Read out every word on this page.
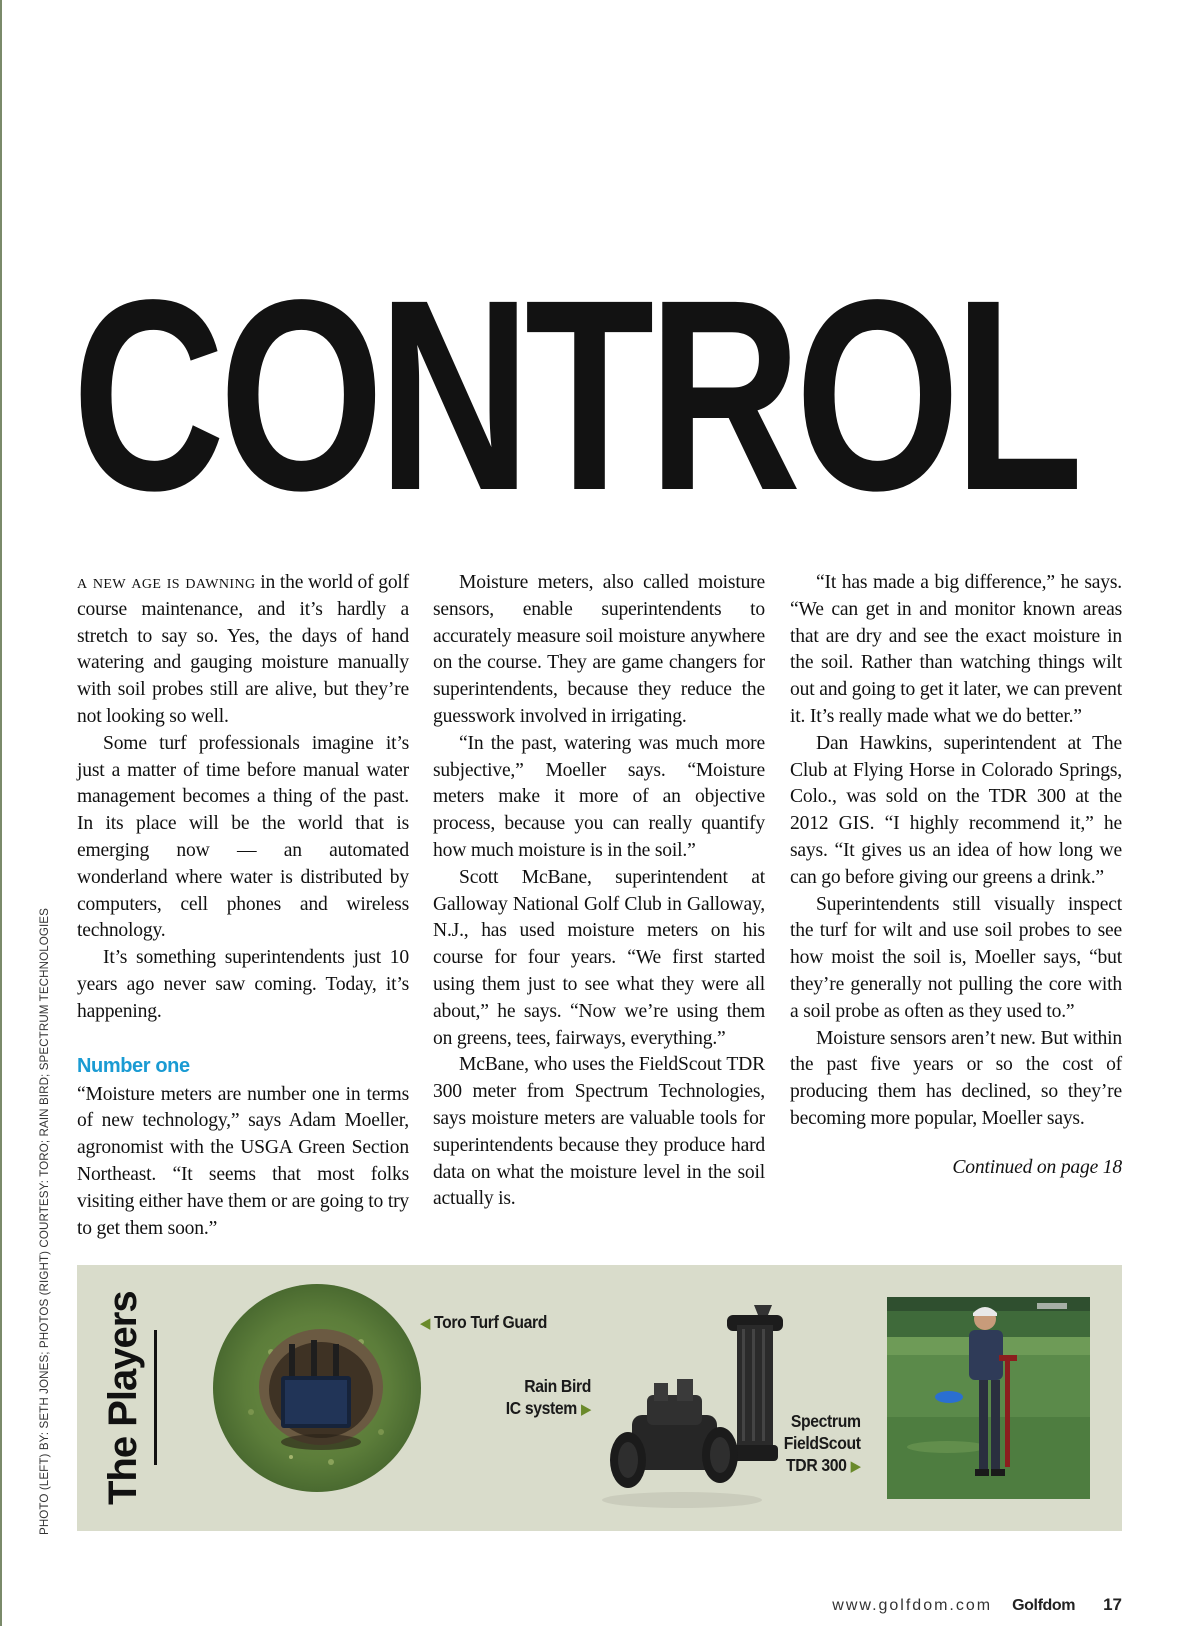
CONTROL
PHOTO (LEFT) BY: SETH JONES; PHOTOS (RIGHT) COURTESY: TORO; RAIN BIRD; SPECTRUM TECHNOLOGIES

a new age is dawning in the world of golf course maintenance, and it’s hardly a stretch to say so. Yes, the days of hand watering and gauging moisture manually with soil probes still are alive, but they’re not looking so well.

Some turf professionals imagine it’s just a matter of time before manual water management becomes a thing of the past. In its place will be the world that is emerging now — an automated wonderland where water is distributed by computers, cell phones and wireless technology.

It’s something superintendents just 10 years ago never saw coming. Today, it’s happening.

Number one

“Moisture meters are number one in terms of new technology,” says Adam Moeller, agronomist with the USGA Green Section Northeast. “It seems that most folks visiting either have them or are going to try to get them soon.”

Moisture meters, also called moisture sensors, enable superintendents to accurately measure soil moisture anywhere on the course. They are game changers for superintendents, because they reduce the guesswork involved in irrigating.

“In the past, watering was much more subjective,” Moeller says. “Moisture meters make it more of an objective process, because you can really quantify how much moisture is in the soil.”

Scott McBane, superintendent at Galloway National Golf Club in Galloway, N.J., has used moisture meters on his course for four years. “We first started using them just to see what they were all about,” he says. “Now we’re using them on greens, tees, fairways, everything.”

McBane, who uses the FieldScout TDR 300 meter from Spectrum Technologies, says moisture meters are valuable tools for superintendents because they produce hard data on what the moisture level in the soil actually is.

“It has made a big difference,” he says. “We can get in and monitor known areas that are dry and see the exact moisture in the soil. Rather than watching things wilt out and going to get it later, we can prevent it. It’s really made what we do better.”

Dan Hawkins, superintendent at The Club at Flying Horse in Colorado Springs, Colo., was sold on the TDR 300 at the 2012 GIS. “I highly recommend it,” he says. “It gives us an idea of how long we can go before giving our greens a drink.”

Superintendents still visually inspect the turf for wilt and use soil probes to see how moist the soil is, Moeller says, “but they’re generally not pulling the core with a soil probe as often as they used to.”

Moisture sensors aren’t new. But within the past five years or so the cost of producing them has declined, so they’re becoming more popular, Moeller says.

Continued on page 18
The Players	◀ Toro Turf Guard
Rain Bird
IC system ▶
Spectrum
FieldScout
TDR 300 ▶
www.golfdom.com Golfdom 17
